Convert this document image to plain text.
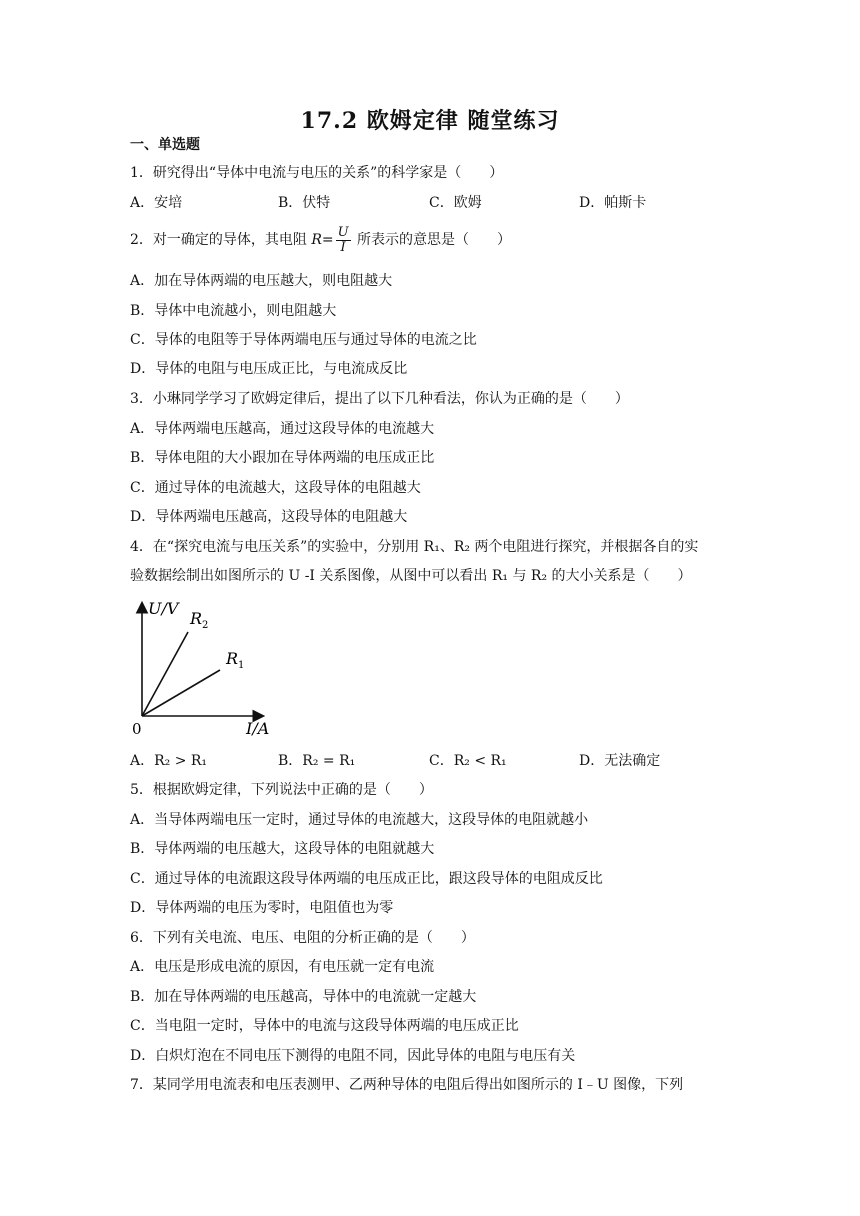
17.2 欧姆定律 随堂练习
一、单选题
1．研究得出“导体中电流与电压的关系”的科学家是（　　）
A．安培	B．伏特	C．欧姆	D．帕斯卡
2．对一确定的导体，其电阻 $R= \frac{U}{I}$ 所表示的意思是（　　）
A．加在导体两端的电压越大，则电阻越大
B．导体中电流越小，则电阻越大
C．导体的电阻等于导体两端电压与通过导体的电流之比
D．导体的电阻与电压成正比，与电流成反比
3．小琳同学学习了欧姆定律后，提出了以下几种看法，你认为正确的是（　　）
A．导体两端电压越高，通过这段导体的电流越大
B．导体电阻的大小跟加在导体两端的电压成正比
C．通过导体的电流越大，这段导体的电阻越大
D．导体两端电压越高，这段导体的电阻越大
4．在“探究电流与电压关系”的实验中，分别用 R₁、R₂ 两个电阻进行探究，并根据各自的实
验数据绘制出如图所示的 U -I 关系图像，从图中可以看出 R₁ 与 R₂ 的大小关系是（　　）
U/V
I/A
0
$R_2$
$R_1$
A．R₂ > R₁	B．R₂ = R₁	C．R₂ < R₁	D．无法确定
5．根据欧姆定律，下列说法中正确的是（　　）
A．当导体两端电压一定时，通过导体的电流越大，这段导体的电阻就越小
B．导体两端的电压越大，这段导体的电阻就越大
C．通过导体的电流跟这段导体两端的电压成正比，跟这段导体的电阻成反比
D．导体两端的电压为零时，电阻值也为零
6．下列有关电流、电压、电阻的分析正确的是（　　）
A．电压是形成电流的原因，有电压就一定有电流
B．加在导体两端的电压越高，导体中的电流就一定越大
C．当电阻一定时，导体中的电流与这段导体两端的电压成正比
D．白炽灯泡在不同电压下测得的电阻不同，因此导体的电阻与电压有关
7．某同学用电流表和电压表测甲、乙两种导体的电阻后得出如图所示的 I﹣U 图像，下列
